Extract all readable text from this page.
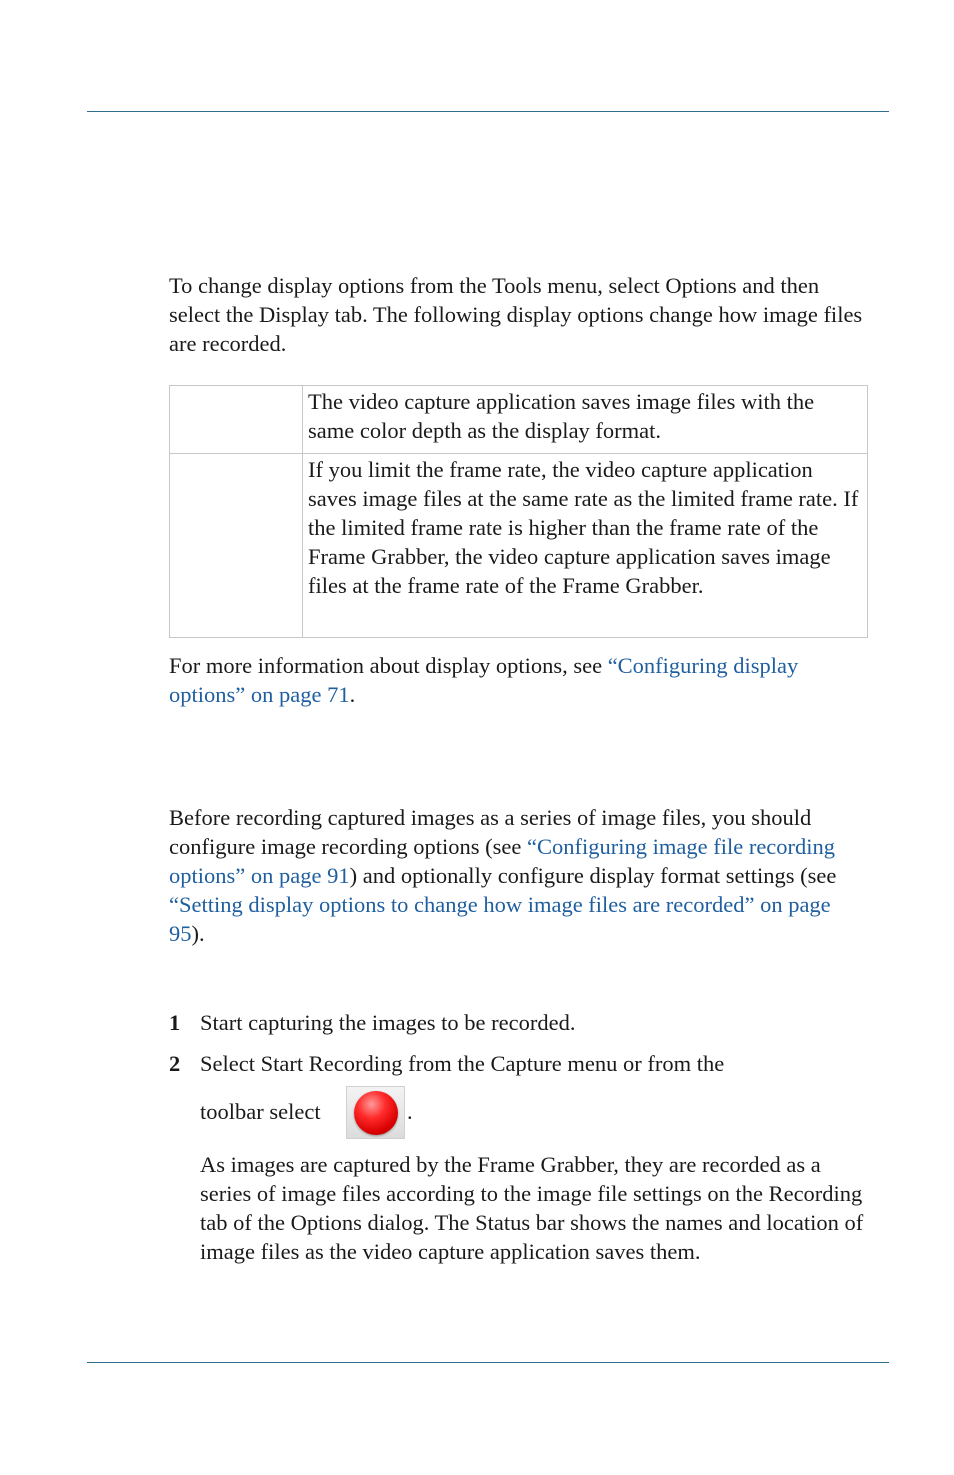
To change display options from the Tools menu, select Options and then select the Display tab. The following display options change how image files are recorded.

	The video capture application saves image files with the same color depth as the display format.
	If you limit the frame rate, the video capture application saves image files at the same rate as the limited frame rate. If the limited frame rate is higher than the frame rate of the Frame Grabber, the video capture application saves image files at the frame rate of the Frame Grabber.

For more information about display options, see “Configuring display options” on page 71.

Before recording captured images as a series of image files, you should configure image recording options (see “Configuring image file recording options” on page 91) and optionally configure display format settings (see “Setting display options to change how image files are recorded” on page 95).

1 Start capturing the images to be recorded.
2 Select Start Recording from the Capture menu or from the
toolbar select	.

As images are captured by the Frame Grabber, they are recorded as a series of image files according to the image file settings on the Recording tab of the Options dialog. The Status bar shows the names and location of image files as the video capture application saves them.
